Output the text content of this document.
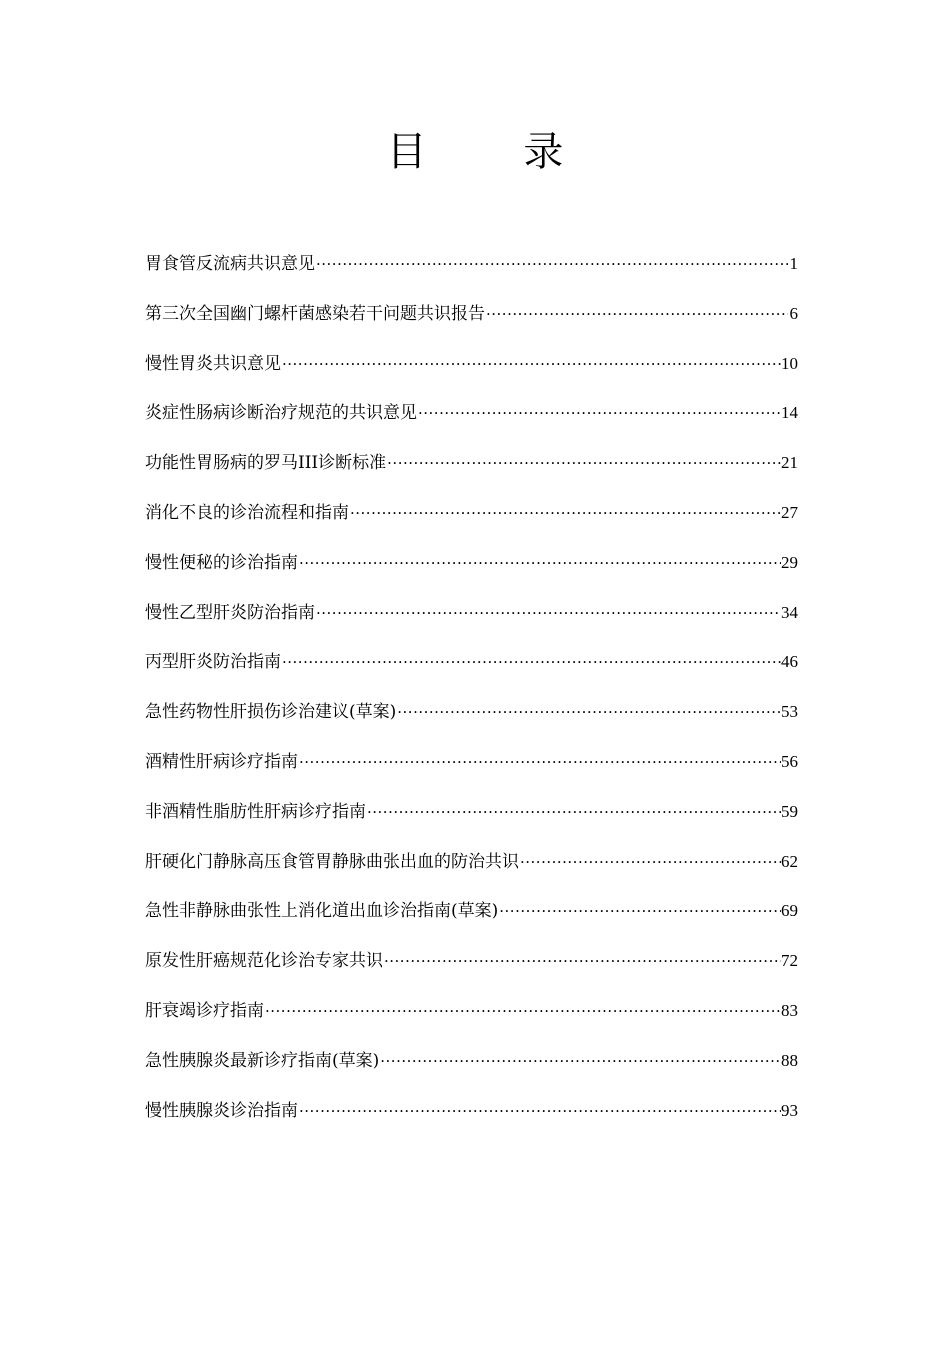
目 录
胃食管反流病共识意见 ·····	1
第三次全国幽门螺杆菌感染若干问题共识报告 ·····	6
慢性胃炎共识意见 ·····	10
炎症性肠病诊断治疗规范的共识意见 ·····	14
功能性胃肠病的罗马III诊断标准 ·····	21
消化不良的诊治流程和指南 ·····	27
慢性便秘的诊治指南 ·····	29
慢性乙型肝炎防治指南 ·····	34
丙型肝炎防治指南 ·····	46
急性药物性肝损伤诊治建议(草案) ·····	53
酒精性肝病诊疗指南 ·····	56
非酒精性脂肪性肝病诊疗指南 ·····	59
肝硬化门静脉高压食管胃静脉曲张出血的防治共识 ·····	62
急性非静脉曲张性上消化道出血诊治指南(草案) ·····	69
原发性肝癌规范化诊治专家共识 ·····	72
肝衰竭诊疗指南 ·····	83
急性胰腺炎最新诊疗指南(草案) ·····	88
慢性胰腺炎诊治指南 ·····	93
